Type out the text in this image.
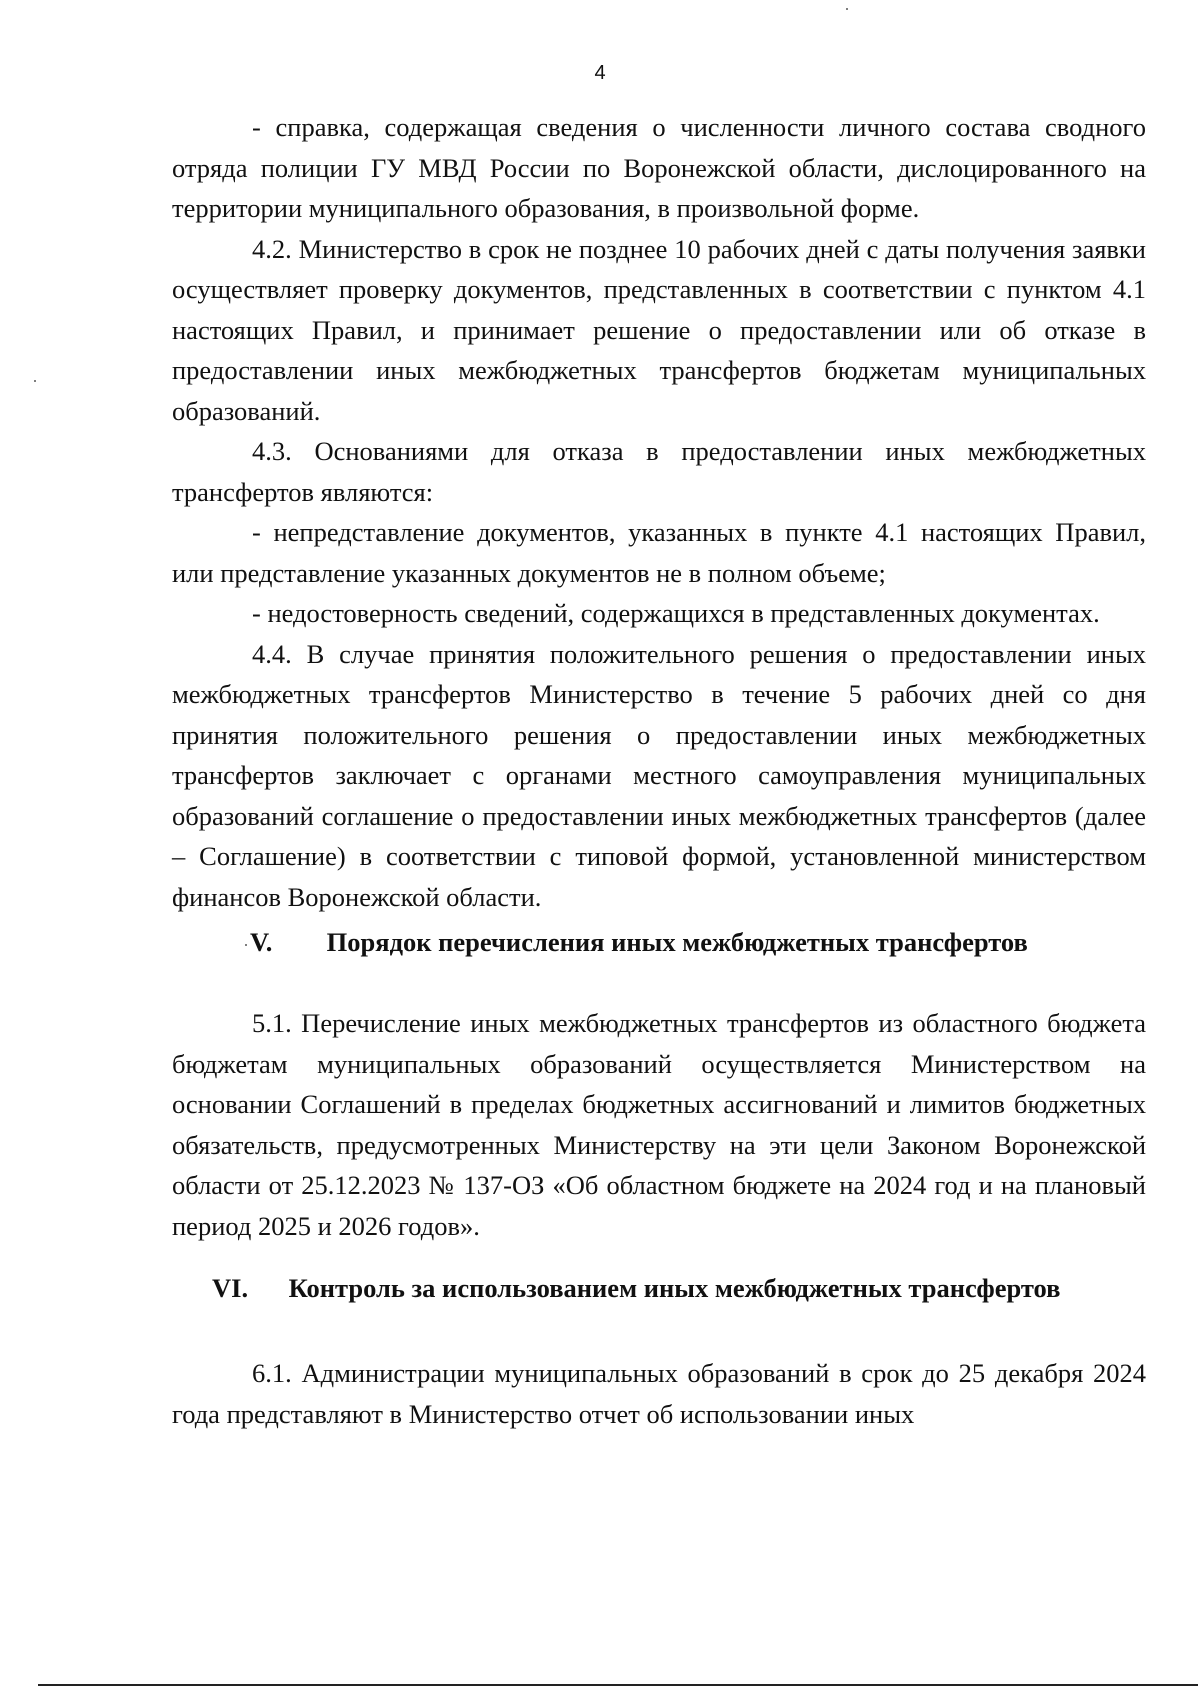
4

- справка, содержащая сведения о численности личного состава сводного отряда полиции ГУ МВД России по Воронежской области, дислоцированного на территории муниципального образования, в произвольной форме.

4.2. Министерство в срок не позднее 10 рабочих дней с даты получения заявки осуществляет проверку документов, представленных в соответствии с пунктом 4.1 настоящих Правил, и принимает решение о предоставлении или об отказе в предоставлении иных межбюджетных трансфертов бюджетам муниципальных образований.

4.3. Основаниями для отказа в предоставлении иных межбюджетных трансфертов являются:

- непредставление документов, указанных в пункте 4.1 настоящих Правил, или представление указанных документов не в полном объеме;

- недостоверность сведений, содержащихся в представленных документах.

4.4. В случае принятия положительного решения о предоставлении иных межбюджетных трансфертов Министерство в течение 5 рабочих дней со дня принятия положительного решения о предоставлении иных межбюджетных трансфертов заключает с органами местного самоуправления муниципальных образований соглашение о предоставлении иных межбюджетных трансфертов (далее – Соглашение) в соответствии с типовой формой, установленной министерством финансов Воронежской области.

V. Порядок перечисления иных межбюджетных трансфертов

5.1. Перечисление иных межбюджетных трансфертов из областного бюджета бюджетам муниципальных образований осуществляется Министерством на основании Соглашений в пределах бюджетных ассигнований и лимитов бюджетных обязательств, предусмотренных Министерству на эти цели Законом Воронежской области от 25.12.2023 № 137-ОЗ «Об областном бюджете на 2024 год и на плановый период 2025 и 2026 годов».

VI. Контроль за использованием иных межбюджетных трансфертов

6.1. Администрации муниципальных образований в срок до 25 декабря 2024 года представляют в Министерство отчет об использовании иных
